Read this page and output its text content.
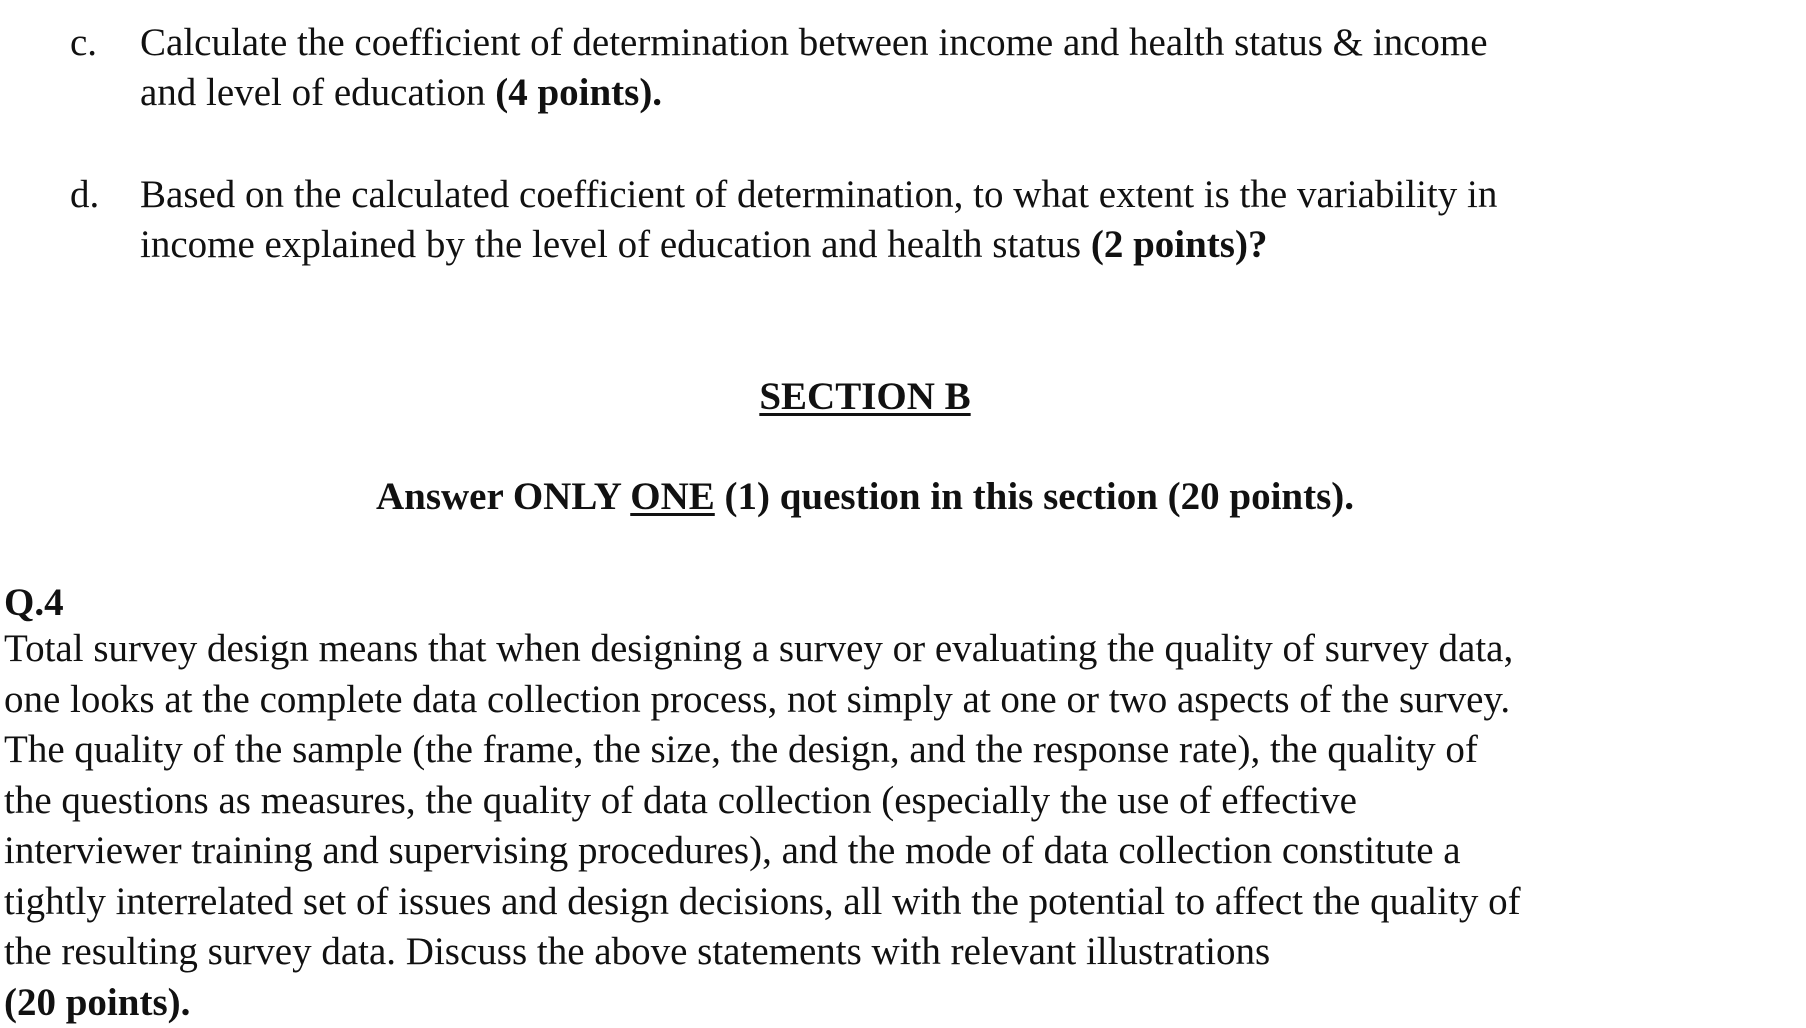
c. Calculate the coefficient of determination between income and health status & income
and level of education (4 points).
d. Based on the calculated coefficient of determination, to what extent is the variability in
income explained by the level of education and health status (2 points)?
SECTION B
Answer ONLY ONE (1) question in this section (20 points).
Q.4
Total survey design means that when designing a survey or evaluating the quality of survey data,
one looks at the complete data collection process, not simply at one or two aspects of the survey.
The quality of the sample (the frame, the size, the design, and the response rate), the quality of
the questions as measures, the quality of data collection (especially the use of effective
interviewer training and supervising procedures), and the mode of data collection constitute a
tightly interrelated set of issues and design decisions, all with the potential to affect the quality of
the resulting survey data. Discuss the above statements with relevant illustrations
(20 points).
